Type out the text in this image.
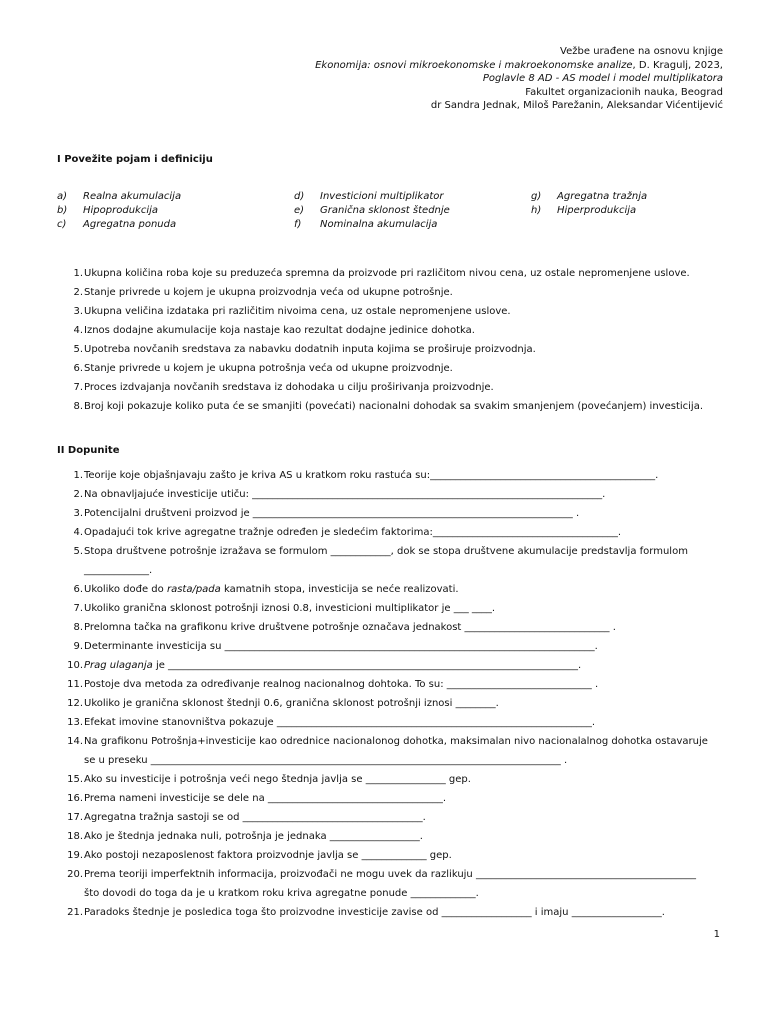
Vežbe urađene na osnovu knjige
Ekonomija: osnovi mikroekonomske i makroekonomske analize, D. Kragulj, 2023,
Poglavle 8 AD - AS model i model multiplikatora
Fakultet organizacionih nauka, Beograd
dr Sandra Jednak, Miloš Parežanin, Aleksandar Vićentijević
I Povežite pojam i definiciju
a) Realna akumulacija
b) Hipoprodukcija
c) Agregatna ponuda
d) Investicioni multiplikator
e) Granična sklonost štednje
f) Nominalna akumulacija
g) Agregatna tražnja
h) Hiperprodukcija
1. Ukupna količina roba koje su preduzeća spremna da proizvode pri različitom nivou cena, uz ostale nepromenjene uslove.
2. Stanje privrede u kojem je ukupna proizvodnja veća od ukupne potrošnje.
3. Ukupna veličina izdataka pri različitim nivoima cena, uz ostale nepromenjene uslove.
4. Iznos dodajne akumulacije koja nastaje kao rezultat dodajne jedinice dohotka.
5. Upotreba novčanih sredstava za nabavku dodatnih inputa kojima se proširuje proizvodnja.
6. Stanje privrede u kojem je ukupna potrošnja veća od ukupne proizvodnje.
7. Proces izdvajanja novčanih sredstava iz dohodaka u cilju proširivanja proizvodnje.
8. Broj koji pokazuje koliko puta će se smanjiti (povećati) nacionalni dohodak sa svakim smanjenjem (povećanjem) investicija.
II Dopunite
1. Teorije koje objašnjavaju zašto je kriva AS u kratkom roku rastuća su:_____________________________________________.
2. Na obnavljajuće investicije utiču: ______________________________________________________________________.
3. Potencijalni društveni proizvod je ________________________________________________________________ .
4. Opadajući tok krive agregatne tražnje određen je sledećim faktorima:_____________________________________.
5. Stopa društvene potrošnje izražava se formulom ____________, dok se stopa društvene akumulacije predstavlja formulom
_____________.
6. Ukoliko dođe do rasta/pada kamatnih stopa, investicija se neće realizovati.
7. Ukoliko granična sklonost potrošnji iznosi 0.8, investicioni multiplikator je ___ ____.
8. Prelomna tačka na grafikonu krive društvene potrošnje označava jednakost _____________________________ .
9. Determinante investicija su __________________________________________________________________________.
10. Prag ulaganja je __________________________________________________________________________________.
11. Postoje dva metoda za određivanje realnog nacionalnog dohtoka. To su: _____________________________ .
12. Ukoliko je granična sklonost štednji 0.6, granična sklonost potrošnji iznosi ________.
13. Efekat imovine stanovništva pokazuje _______________________________________________________________.
14. Na grafikonu Potrošnja+investicije kao odrednice nacionalonog dohotka, maksimalan nivo nacionalalnog dohotka ostavaruje
se u preseku __________________________________________________________________________________ .
15. Ako su investicije i potrošnja veći nego štednja javlja se ________________ gep.
16. Prema nameni investicije se dele na ___________________________________.
17. Agregatna tražnja sastoji se od ____________________________________.
18. Ako je štednja jednaka nuli, potrošnja je jednaka __________________.
19. Ako postoji nezaposlenost faktora proizvodnje javlja se _____________ gep.
20. Prema teoriji imperfektnih informacija, proizvođači ne mogu uvek da razlikuju ____________________________________________
što dovodi do toga da je u kratkom roku kriva agregatne ponude _____________.
21. Paradoks štednje je posledica toga što proizvodne investicije zavise od __________________ i imaju __________________.
1
